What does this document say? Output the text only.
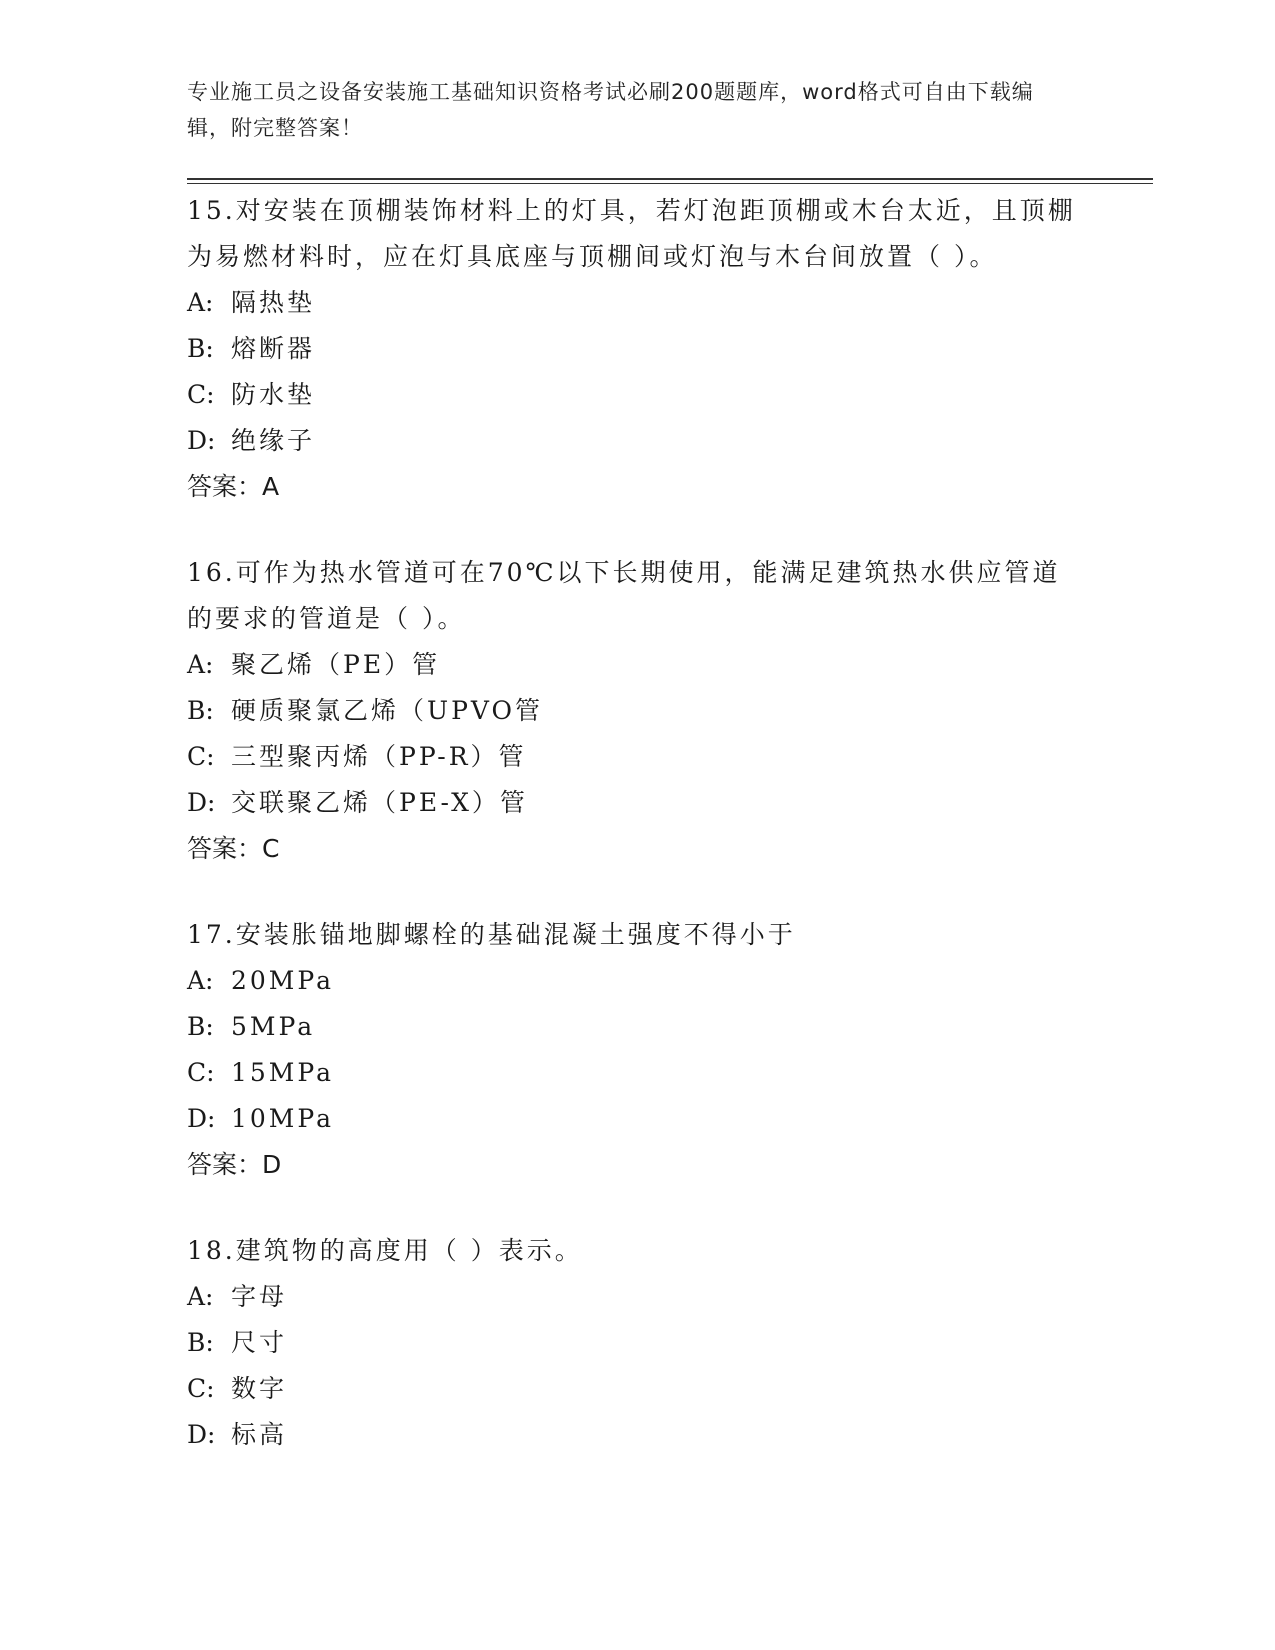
专业施工员之设备安装施工基础知识资格考试必刷200题题库，word格式可自由下载编辑，附完整答案！

15.对安装在顶棚装饰材料上的灯具，若灯泡距顶棚或木台太近，且顶棚为易燃材料时，应在灯具底座与顶棚间或灯泡与木台间放置（ ）。

A: 隔热垫

B: 熔断器

C: 防水垫

D: 绝缘子

答案：A

16.可作为热水管道可在70℃以下长期使用，能满足建筑热水供应管道的要求的管道是（ ）。

A: 聚乙烯（PE）管

B: 硬质聚氯乙烯（UPVO管

C: 三型聚丙烯（PP-R）管

D: 交联聚乙烯（PE-X）管

答案：C

17.安装胀锚地脚螺栓的基础混凝土强度不得小于

A: 20MPa

B: 5MPa

C: 15MPa

D: 10MPa

答案：D

18.建筑物的高度用（ ）表示。

A: 字母

B: 尺寸

C: 数字

D: 标高
